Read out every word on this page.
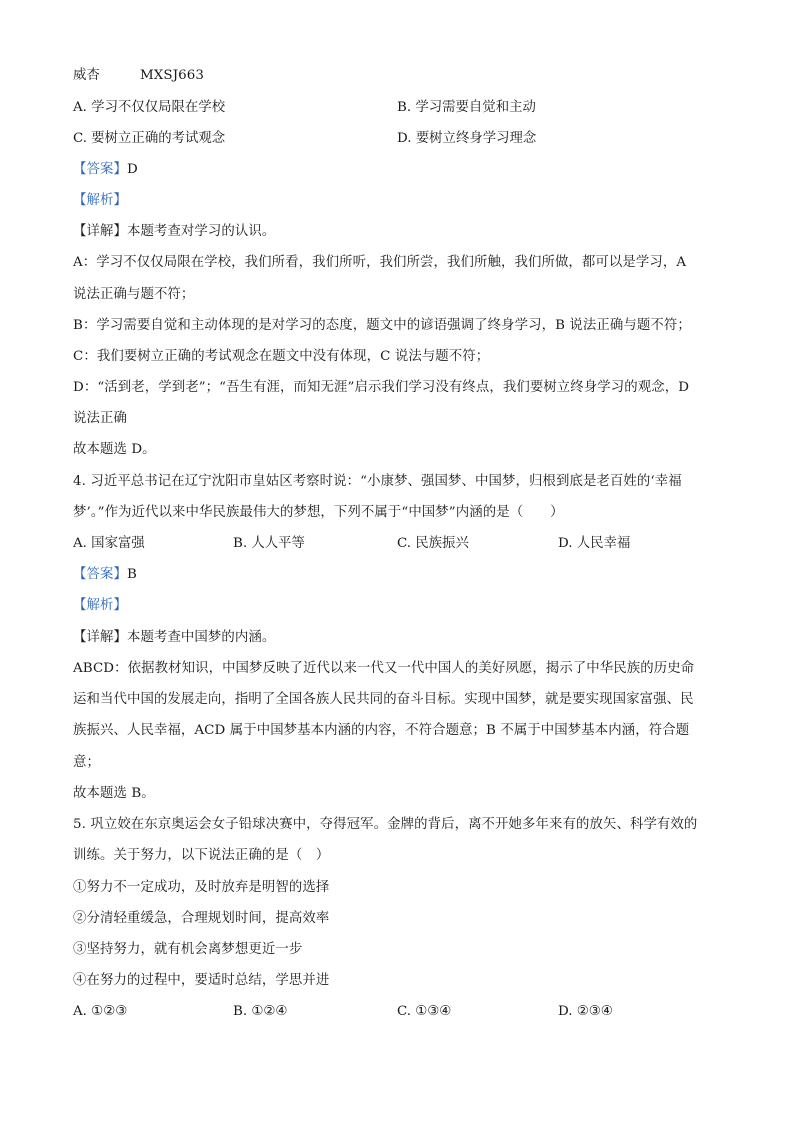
威杏	MXSJ663
A. 学习不仅仅局限在学校	B. 学习需要自觉和主动
C. 要树立正确的考试观念	D. 要树立终身学习理念
【答案】D
【解析】
【详解】本题考查对学习的认识。
A：学习不仅仅局限在学校，我们所看，我们所听，我们所尝，我们所触，我们所做，都可以是学习，A
说法正确与题不符；
B：学习需要自觉和主动体现的是对学习的态度，题文中的谚语强调了终身学习，B 说法正确与题不符；
C：我们要树立正确的考试观念在题文中没有体现，C 说法与题不符；
D：“活到老，学到老”；“吾生有涯，而知无涯”启示我们学习没有终点，我们要树立终身学习的观念，D
说法正确
故本题选 D。
4. 习近平总书记在辽宁沈阳市皇姑区考察时说：“小康梦、强国梦、中国梦，归根到底是老百姓的‘幸福
梦’。”作为近代以来中华民族最伟大的梦想，下列不属于“中国梦”内涵的是（　　）
A. 国家富强	B. 人人平等	C. 民族振兴	D. 人民幸福
【答案】B
【解析】
【详解】本题考查中国梦的内涵。
ABCD：依据教材知识，中国梦反映了近代以来一代又一代中国人的美好夙愿，揭示了中华民族的历史命
运和当代中国的发展走向，指明了全国各族人民共同的奋斗目标。实现中国梦，就是要实现国家富强、民
族振兴、人民幸福，ACD 属于中国梦基本内涵的内容，不符合题意；B 不属于中国梦基本内涵，符合题
意；
故本题选 B。
5. 巩立姣在东京奥运会女子铅球决赛中，夺得冠军。金牌的背后，离不开她多年来有的放矢、科学有效的
训练。关于努力，以下说法正确的是（　）
①努力不一定成功，及时放弃是明智的选择
②分清轻重缓急，合理规划时间，提高效率
③坚持努力，就有机会离梦想更近一步
④在努力的过程中，要适时总结，学思并进
A. ①②③	B. ①②④	C. ①③④	D. ②③④
